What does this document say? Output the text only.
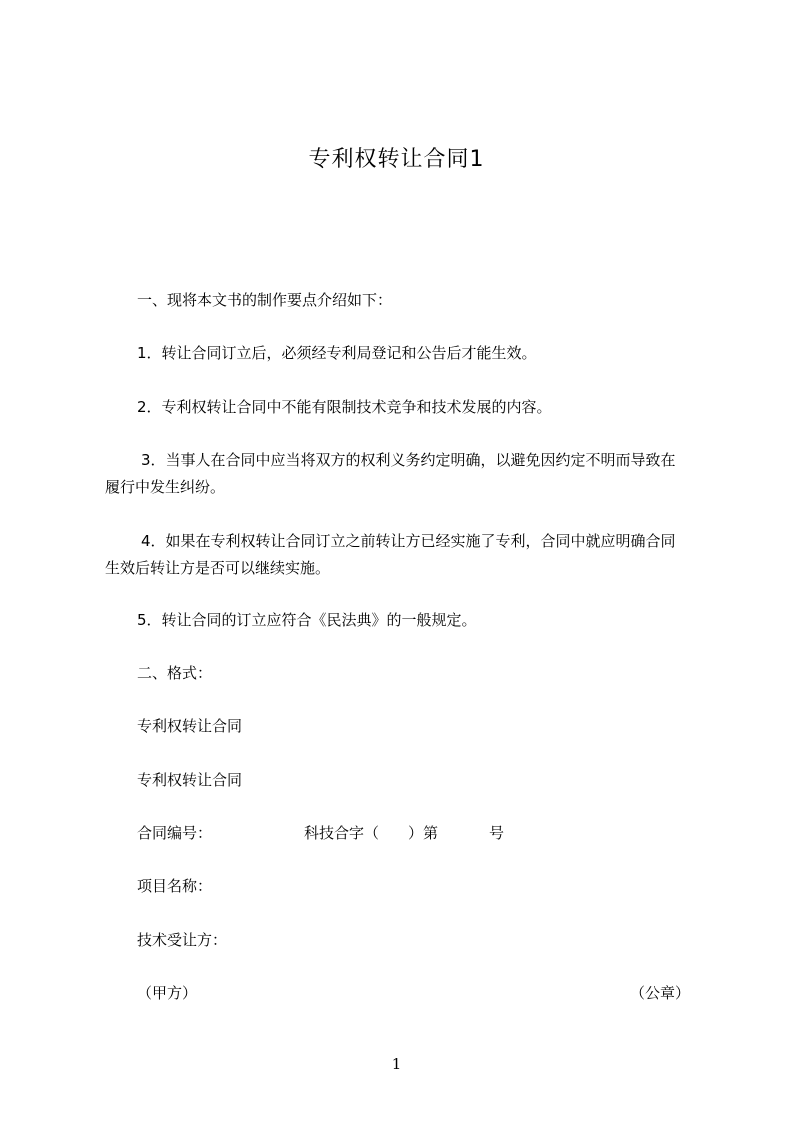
专利权转让合同1
一、现将本文书的制作要点介绍如下：
1．转让合同订立后，必须经专利局登记和公告后才能生效。
2．专利权转让合同中不能有限制技术竞争和技术发展的内容。
3．当事人在合同中应当将双方的权利义务约定明确，以避免因约定不明而导致在
履行中发生纠纷。
4．如果在专利权转让合同订立之前转让方已经实施了专利，合同中就应明确合同
生效后转让方是否可以继续实施。
5．转让合同的订立应符合《民法典》的一般规定。
二、格式：
专利权转让合同
专利权转让合同
合同编号：	科技合字（ ）第	号
项目名称：
技术受让方：
（甲方）	（公章）
1
